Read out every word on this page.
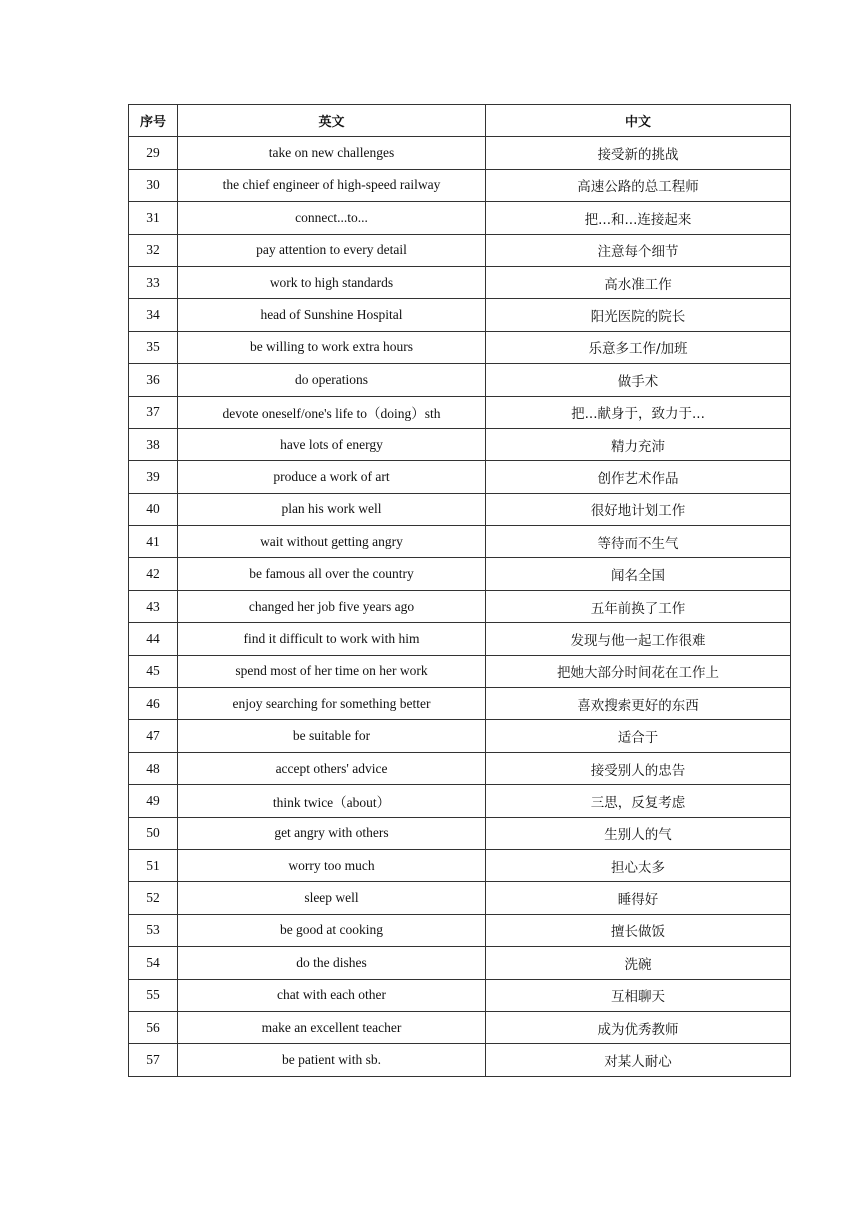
序号	英文	中文
29	take on new challenges	接受新的挑战
30	the chief engineer of high-speed railway	高速公路的总工程师
31	connect...to...	把...和...连接起来
32	pay attention to every detail	注意每个细节
33	work to high standards	高水准工作
34	head of Sunshine Hospital	阳光医院的院长
35	be willing to work extra hours	乐意多工作/加班
36	do operations	做手术
37	devote oneself/one's life to（doing）sth	把...献身于，致力于...
38	have lots of energy	精力充沛
39	produce a work of art	创作艺术作品
40	plan his work well	很好地计划工作
41	wait without getting angry	等待而不生气
42	be famous all over the country	闻名全国
43	changed her job five years ago	五年前换了工作
44	find it difficult to work with him	发现与他一起工作很难
45	spend most of her time on her work	把她大部分时间花在工作上
46	enjoy searching for something better	喜欢搜索更好的东西
47	be suitable for	适合于
48	accept others' advice	接受别人的忠告
49	think twice（about）	三思，反复考虑
50	get angry with others	生别人的气
51	worry too much	担心太多
52	sleep well	睡得好
53	be good at cooking	擅长做饭
54	do the dishes	洗碗
55	chat with each other	互相聊天
56	make an excellent teacher	成为优秀教师
57	be patient with sb.	对某人耐心
